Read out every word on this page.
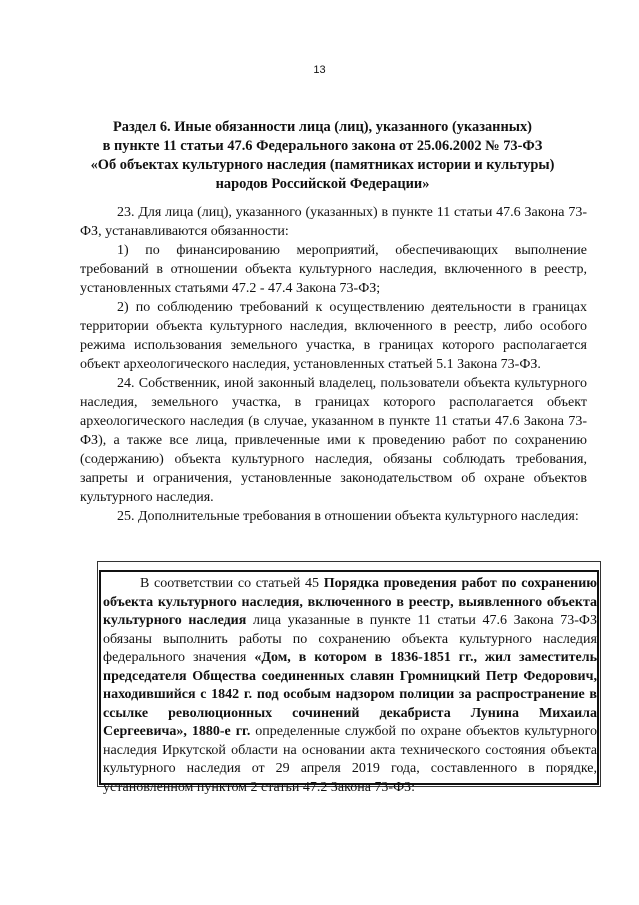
13
Раздел 6. Иные обязанности лица (лиц), указанного (указанных)
в пункте 11 статьи 47.6 Федерального закона от 25.06.2002 № 73-ФЗ
«Об объектах культурного наследия (памятниках истории и культуры)
народов Российской Федерации»

23. Для лица (лиц), указанного (указанных) в пункте 11 статьи 47.6 Закона 73-ФЗ, устанавливаются обязанности:

1) по финансированию мероприятий, обеспечивающих выполнение требований в отношении объекта культурного наследия, включенного в реестр, установленных статьями 47.2 - 47.4 Закона 73-ФЗ;

2) по соблюдению требований к осуществлению деятельности в границах территории объекта культурного наследия, включенного в реестр, либо особого режима использования земельного участка, в границах которого располагается объект археологического наследия, установленных статьей 5.1 Закона 73-ФЗ.

24. Собственник, иной законный владелец, пользователи объекта культурного наследия, земельного участка, в границах которого располагается объект археологического наследия (в случае, указанном в пункте 11 статьи 47.6 Закона 73-ФЗ), а также все лица, привлеченные ими к проведению работ по сохранению (содержанию) объекта культурного наследия, обязаны соблюдать требования, запреты и ограничения, установленные законодательством об охране объектов культурного наследия.

25. Дополнительные требования в отношении объекта культурного наследия:

В соответствии со статьей 45 Порядка проведения работ по сохранению объекта культурного наследия, включенного в реестр, выявленного объекта культурного наследия лица указанные в пункте 11 статьи 47.6 Закона 73-ФЗ обязаны выполнить работы по сохранению объекта культурного наследия федерального значения «Дом, в котором в 1836-1851 гг., жил заместитель председателя Общества соединенных славян Громницкий Петр Федорович, находившийся с 1842 г. под особым надзором полиции за распространение в ссылке революционных сочинений декабриста Лунина Михаила Сергеевича», 1880-е гг. определенные службой по охране объектов культурного наследия Иркутской области на основании акта технического состояния объекта культурного наследия от 29 апреля 2019 года, составленного в порядке, установленном пунктом 2 статьи 47.2 Закона 73-ФЗ:
